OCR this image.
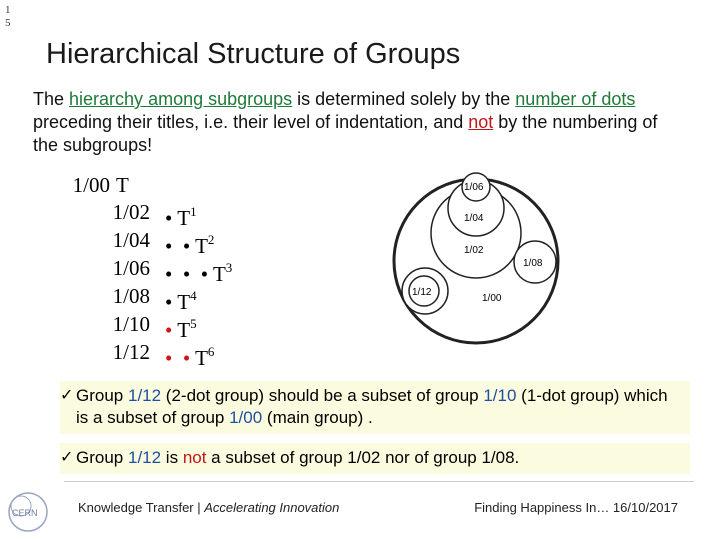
15
Hierarchical Structure of Groups
The hierarchy among subgroups is determined solely by the number of dots preceding their titles, i.e. their level of indentation, and not by the numbering of the subgroups!
1/00 T
1/02 • $T^1$
1/04 •  • $T^2$
1/06 •  •  • $T^3$
1/08 • $T^4$
1/10 • $T^5$
1/12 •  • $T^6$
1/06
1/04
1/02
1/08
1/12
1/00
✓ Group 1/12 (2-dot group) should be a subset of group 1/10 (1-dot group) which is a subset of group 1/00 (main group) .
✓ Group 1/12 is not a subset of group 1/02 nor of group 1/08.
CERN	Knowledge Transfer | Accelerating Innovation	Finding Happiness In… 16/10/2017
